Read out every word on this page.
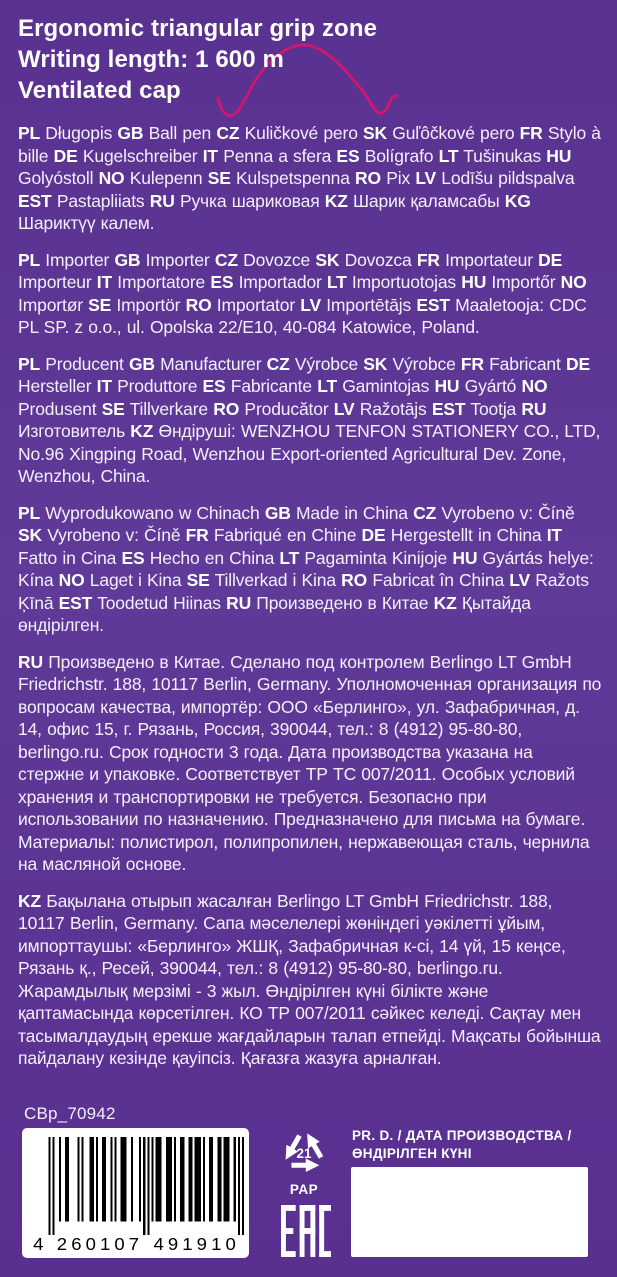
Ergonomic triangular grip zone
Writing length: 1 600 m
Ventilated cap

PL Długopis GB Ball pen CZ Kuličkové pero SK Guľôčkové pero FR Stylo à bille DE Kugelschreiber IT Penna a sfera ES Bolígrafo LT Tušinukas HU Golyóstoll NO Kulepenn SE Kulspetspenna RO Pix LV Lodīšu pildspalva EST Pastapliiats RU Ручка шариковая KZ Шарик қаламсабы KG Шариктүү калем.

PL Importer GB Importer CZ Dovozce SK Dovozca FR Importateur DE Importeur IT Importatore ES Importador LT Importuotojas HU Importőr NO Importør SE Importör RO Importator LV Importētājs EST Maaletooja: CDC PL SP. z o.o., ul. Opolska 22/E10, 40-084 Katowice, Poland.

PL Producent GB Manufacturer CZ Výrobce SK Výrobce FR Fabricant DE Hersteller IT Produttore ES Fabricante LT Gamintojas HU Gyártó NO Produsent SE Tillverkare RO Producător LV Ražotājs EST Tootja RU Изготовитель KZ Өндіруші: WENZHOU TENFON STATIONERY CO., LTD, No.96 Xingping Road, Wenzhou Export-oriented Agricultural Dev. Zone, Wenzhou, China.

PL Wyprodukowano w Chinach GB Made in China CZ Vyrobeno v: Číně SK Vyrobeno v: Číně FR Fabriqué en Chine DE Hergestellt in China IT Fatto in Cina ES Hecho en China LT Pagaminta Kinijoje HU Gyártás helye: Kína NO Laget i Kina SE Tillverkad i Kina RO Fabricat în China LV Ražots Ķīnā EST Toodetud Hiinas RU Произведено в Китае KZ Қытайда өндірілген.

RU Произведено в Китае. Сделано под контролем Berlingo LT GmbH Friedrichstr. 188, 10117 Berlin, Germany. Уполномоченная организация по вопросам качества, импортёр: ООО «Берлинго», ул. Зафабричная, д. 14, офис 15, г. Рязань, Россия, 390044, тел.: 8 (4912) 95-80-80, berlingo.ru. Срок годности 3 года. Дата производства указана на стержне и упаковке. Соответствует ТР ТС 007/2011. Особых условий хранения и транспортировки не требуется. Безопасно при использовании по назначению. Предназначено для письма на бумаге. Материалы: полистирол, полипропилен, нержавеющая сталь, чернила на масляной основе.

KZ Бақылана отырып жасалған Berlingo LT GmbH Friedrichstr. 188, 10117 Berlin, Germany. Сапа мәселелері жөніндегі уәкілетті ұйым, импорттаушы: «Берлинго» ЖШҚ, Зафабричная к-сі, 14 үй, 15 кеңсе, Рязань қ., Ресей, 390044, тел.: 8 (4912) 95-80-80, berlingo.ru. Жарамдылық мерзімі - 3 жыл. Өндірілген күні білікте және қаптамасында көрсетілген. КО ТР 007/2011 сәйкес келеді. Сақтау мен тасымалдаудың ерекше жағдайларын талап етпейді. Мақсаты бойынша пайдалану кезінде қауіпсіз. Қағазға жазуға арналған.

CBp_70942
4 2 6 0 1 0 7 4 9 1 9 1 0
21
PAP
PR. D. / ДАТА ПРОИЗВОДСТВА /
ӨНДІРІЛГЕН КҮНІ
